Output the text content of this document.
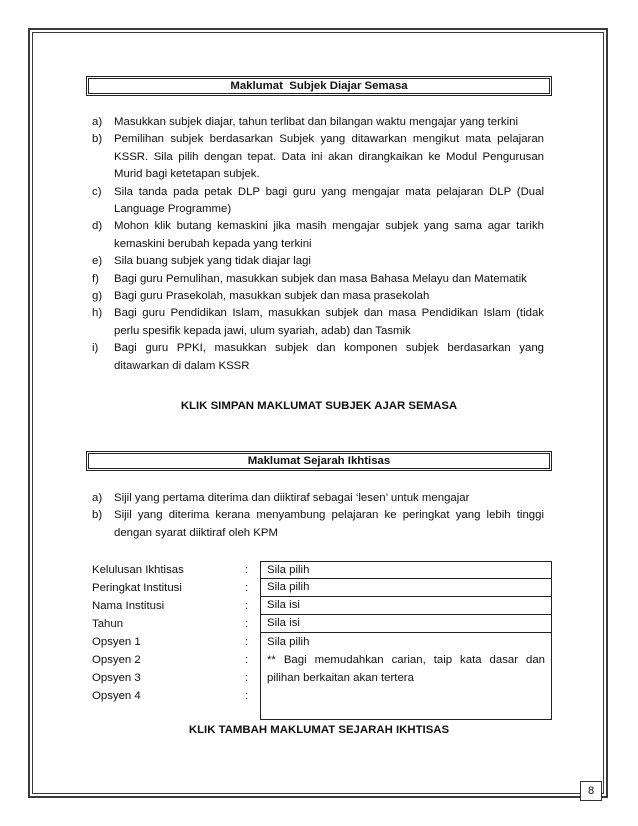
Maklumat  Subjek Diajar Semasa
a) Masukkan subjek diajar, tahun terlibat dan bilangan waktu mengajar yang terkini
b) Pemilihan subjek berdasarkan Subjek yang ditawarkan mengikut mata pelajaran KSSR. Sila pilih dengan tepat. Data ini akan dirangkaikan ke Modul Pengurusan Murid bagi ketetapan subjek.
c) Sila tanda pada petak DLP bagi guru yang mengajar mata pelajaran DLP (Dual Language Programme)
d) Mohon klik butang kemaskini jika masih mengajar subjek yang sama agar tarikh kemaskini berubah kepada yang terkini
e) Sila buang subjek yang tidak diajar lagi
f) Bagi guru Pemulihan, masukkan subjek dan masa Bahasa Melayu dan Matematik
g) Bagi guru Prasekolah, masukkan subjek dan masa prasekolah
h) Bagi guru Pendidikan Islam, masukkan subjek dan masa Pendidikan Islam (tidak perlu spesifik kepada jawi, ulum syariah, adab) dan Tasmik
i) Bagi guru PPKI, masukkan subjek dan komponen subjek berdasarkan yang ditawarkan di dalam KSSR
KLIK SIMPAN MAKLUMAT SUBJEK AJAR SEMASA
Maklumat Sejarah Ikhtisas
a) Sijil yang pertama diterima dan diiktiraf sebagai ‘lesen’ untuk mengajar
b) Sijil yang diterima kerana menyambung pelajaran ke peringkat yang lebih tinggi dengan syarat diiktiraf oleh KPM
Kelulusan Ikhtisas
Peringkat Institusi
Nama Institusi
Tahun
Opsyen 1
Opsyen 2
Opsyen 3
Opsyen 4
:
:
:
:
:
:
:
:
Sila pilih
Sila pilih
Sila isi
Sila isi
Sila pilih
** Bagi memudahkan carian, taip kata dasar dan pilihan berkaitan akan tertera
KLIK TAMBAH MAKLUMAT SEJARAH IKHTISAS
8
